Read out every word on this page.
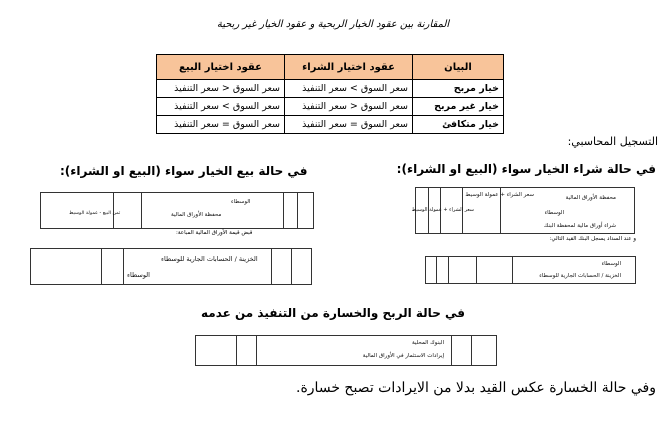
المقارنة بين عقود الخيار الربحية و عقود الخيار غير ربحية
البيان	عقود اختيار الشراء	عقود اختيار البيع
خيار مربح	سعر السوق > سعر التنفيذ	سعر السوق < سعر التنفيذ
خيار غير مربح	سعر السوق < سعر التنفيذ	سعر السوق > سعر التنفيذ
خيار متكافئ	سعر السوق = سعر التنفيذ	سعر السوق = سعر التنفيذ
التسجيل المحاسبي:
في حالة شراء الخيار سواء (البيع او الشراء):
في حالة بيع الخيار سواء (البيع او الشراء):
محفظة الأوراق المالية
الوسطاء
شراء أوراق مالية لمحفظة البنك
سعر الشراء + عمولة الوسيط
سعر الشراء + عمولة الوسيط
و عند السداد يسجل البنك القيد التالي:
الوسطاء
الخزينة / الحسابات الجارية للوسطاء
الوسطاء
محفظة الأوراق المالية
ثمن البيع - عمولة الوسيط
قبض قيمة الأوراق المالية المباعة:
الخزينة / الحسابات الجارية للوسطاء
الوسطاء
في حالة الربح والخسارة من التنفيذ من عدمه
البنوك المحلية
إيرادات الاستثمار في الأوراق المالية
وفي حالة الخسارة عكس القيد بدلا من الايرادات تصبح خسارة.
